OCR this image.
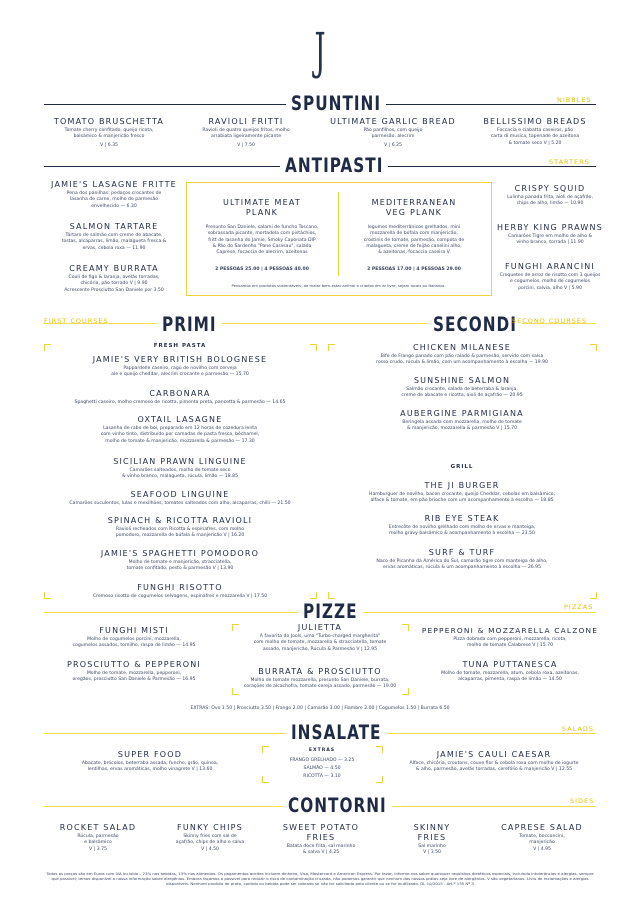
J
SPUNTINI	NIBBLES
TOMATO BRUSCHETTA
Tomate cherry confitado, queijo ricota,
balsâmico & manjericão fresco
V | 6.35
RAVIOLI FRITTI
Ravioli de quatro queijos fritos, molho
arrabiata ligeiramente picante
V | 7.50
ULTIMATE GARLIC BREAD
Pão panfilhos, com queijo
parmesão, alecrim
V | 6.25
BELLISSIMO BREADS
Foccacia e ciabatta caseiros, pão
carta di musica, tapenade de azeitona
& tomate seco V | 5.20
ANTIPASTI	STARTERS
JAMIE'S LASAGNE FRITTE
Pena dos panilhas: pedaços crocantes de
lasanha de carne, molho de parmesão
envelhecido — 6.30
SALMON TARTARE
Tártaro de salmão com creme de abacate,
tostas, alcaparras, limão, malagueta fresca &
ervas, cebola roxa — 11.90
CREAMY BURRATA
Couli de figo & laranja, avelãs torradas,
chicória, pão torrado V | 9.90
Acrescente Prosciutto San Daniele por 3.50
ULTIMATE MEAT
PLANK
Presunto San Daniele, salami de funcho Toscano,
sobrassada picante, mortadela com pistáchios,
fritt de lasanha do Jamie, Smoky Caponata DIP
& Pão do Sardenho "Pane Carasau", salada
Caprese, focaccia de alecrim, azeitonas
2 PESSOAS 25.00 | 4 PESSOAS 40.00
MEDITERRANEAN
VEG PLANK
legumes mediterrânicos grelhados, mini
mozzarella de búfala com manjericão,
crostinis de tomate, parmesão, compota de
malagueta, creme de feijão canelini alho,
& azeitonas, focaccia caseira V
2 PESSOAS 17.00 | 4 PESSOAS 29.00
Pensamos em produtos sustentáveis, de maior bem-estar animal e criados em ar livre, sejam locais ou Italianos
CRISPY SQUID
Lulinha panada frita, aioli de açafrão,
chips de alho, limão — 10.90
HERBY KING PRAWNS
Camarões Tigre em molho de alho &
vinho branco, torrada | 11.90
FUNGHI ARANCINI
Croquetes de arroz de risotto com 3 queijos
e cogumelos, molho de cogumelos
porcini, salvia, alho V | 5.90
FIRST COURSES	PRIMI	SECONDI
SECOND COURSES
FRESH PASTA
JAMIE'S VERY BRITISH BOLOGNESE
Pappardelle caseiro, ragú de novilho com cerveja
ale e queijo cheddar, alecrim crocante e parmesão — 15.70
CARBONARA
Spaghetti caseiro, molho cremoso de ricotta, pimenta preta, pancetta & parmesão — 14.65
OXTAIL LASAGNE
Lasanha de rabo de boi, preparado em 12 horas de cozedura lenta
com vinho tinto, distribuído por camadas de pasta fresca, béchamel,
molho de tomate & manjericão, mozzarella & parmesão — 17.30
SICILIAN PRAWN LINGUINE
Camarões salteados, molho de tomate seco
& vinho branco, malagueta, rúcula, limão — 18.85
SEAFOOD LINGUINE
Camarões suculentos, lulas e mexilhões, tomates salteados com alho, alcaparras, chilli — 21.50
SPINACH & RICOTTA RAVIOLI
Ravioli recheados com Ricotta & espinafres, com molho
pomodoro, mozzarella de búfala & manjericão V | 16.20
JAMIE'S SPAGHETTI POMODORO
Molho de tomate e manjericão, stracciatella,
tomate confitado, pesto & parmesão V | 13.90
FUNGHI RISOTTO
Cremoso risotto de cogumelos selvagens, espinafres e mozzarella V | 17.50
CHICKEN MILANESE
Bife de Frango panado com pão ralado & parmesão, servido com salsa
rosso crudo, rúcula & limão, com um acompanhamento à escolha — 19.90
SUNSHINE SALMON
Salmão crocante, salada de beterraba & laranja,
creme de abacate e ricotta, aioli de açafrão — 20.95
AUBERGINE PARMIGIANA
Beringela assada com mozzarella, molho de tomate
& manjericão, mozzarella & parmesão V | 15.70
GRILL
THE JI BURGER
Hamburguer de novilho, bacon crocante, queijo Cheddar, cebolas em balsâmico,
alface & tomate, em pão brioche com um acompanhamento à escolha — 18.85
RIB EYE STEAK
Entrecôte de novilho grelhado com molho de ervas e manteiga,
molho gravy balsâmico & acompanhamento à escolha — 23.50
SURF & TURF
Naco de Picanha da América do Sul, camarão tigre com manteiga de alho,
ervas aromáticas, rúcula & um acompanhamento à escolha — 26.95
PIZZE	PIZZAS
FUNGHI MISTI
Molho de cogumelos porcini, mozzarella,
cogumelos assados, tomilho, raspa de limão — 14.95
PROSCIUTTO & PEPPERONI
Molho de tomate, mozzarella, pepperoni,
oregãos, prosciutto San Daniele & Parmesão — 16.95
JULIETTA
A favorita do Jools, uma "Turbo-charged margherita"
com molho de tomate, mozzarella & stracciatella, tomate
assado, manjericão, Rúcula & Parmesão V | 12.95
BURRATA & PROSCIUTTO
Molho de tomate mozzarella, presunto San Daniele, burrata,
corações de alcachofra, tomate cereja assado, parmesão — 19.00
PEPPERONI & MOZZARELLA CALZONE
Pizza dobrada com pepperoni, mozzarella, ricota,
molho de tomate Calabrese V | 15.70
TUNA PUTTANESCA
Molho de tomate, mozzarella, atum, cebola roxa, azeitonas,
alcaparras, pimenta, raspa de limão — 14.50
EXTRAS: Ovo 1.50 | Prosciutto 3.50 | Frango 2.00 | Camarão 3.00 | Fiambre 2.00 | Cogumelos 1.50 | Burrata 6.50
INSALATE	SALADS
SUPER FOOD
Abacate, brócolos, beterraba assada, funcho, grão, quinoa,
lentilhas, ervas aromáticas, molho vinagrete V | 13.60
EXTRAS
FRANGO GRELHADO — 3.25
SALMÃO — 4.50
RICOTTA — 3.10
JAMIE'S CAULI CAESAR
Alface, chicória, croutons, couve flor & cebola roxa com molho de iogurte
& alho, parmesão, avelãs torradas, cerefólio & manjericão V | 12.55
CONTORNI	SIDES
ROCKET SALAD
Rúcula, parmesão
e balsâmico
V | 3.75
FUNKY CHIPS
Skinny fries com sal de
açafrão, chips de alho e salva
V | 4.50
SWEET POTATO
FRIES
Batata doce frita, sal marinho
& salva V | 4.25
SKINNY
FRIES
Sal marinho
V | 3.50
CAPRESE SALAD
Tomate, bocconcini,
manjericão
V | 4.95
Todos os preços são em Euros com IVA incluído – 23% nas bebidas, 13% nos alimentos. Os pagamentos aceites incluem dinheiro, Visa, Mastercard e American Express. Por favor, informe-nos sobre quaisquer requisitos dietéticos especiais, incluindo intolerâncias e alergias, sempre que possível; temos disponível a nossa informação sobre alergénios. Embora façamos o possível para reduzir o risco de contaminação cruzada, não podemos garantir que nenhum dos nossos pratos seja livre de alergénios. V são vegetarianos. Livro de reclamações e alergias disponíveis. Nenhum produto de prato, contido ou bebida pode ser cobrado se não for solicitado pelo cliente ou se for inutilizado. DL 10/2015 - Art.º 135 Nº 3
